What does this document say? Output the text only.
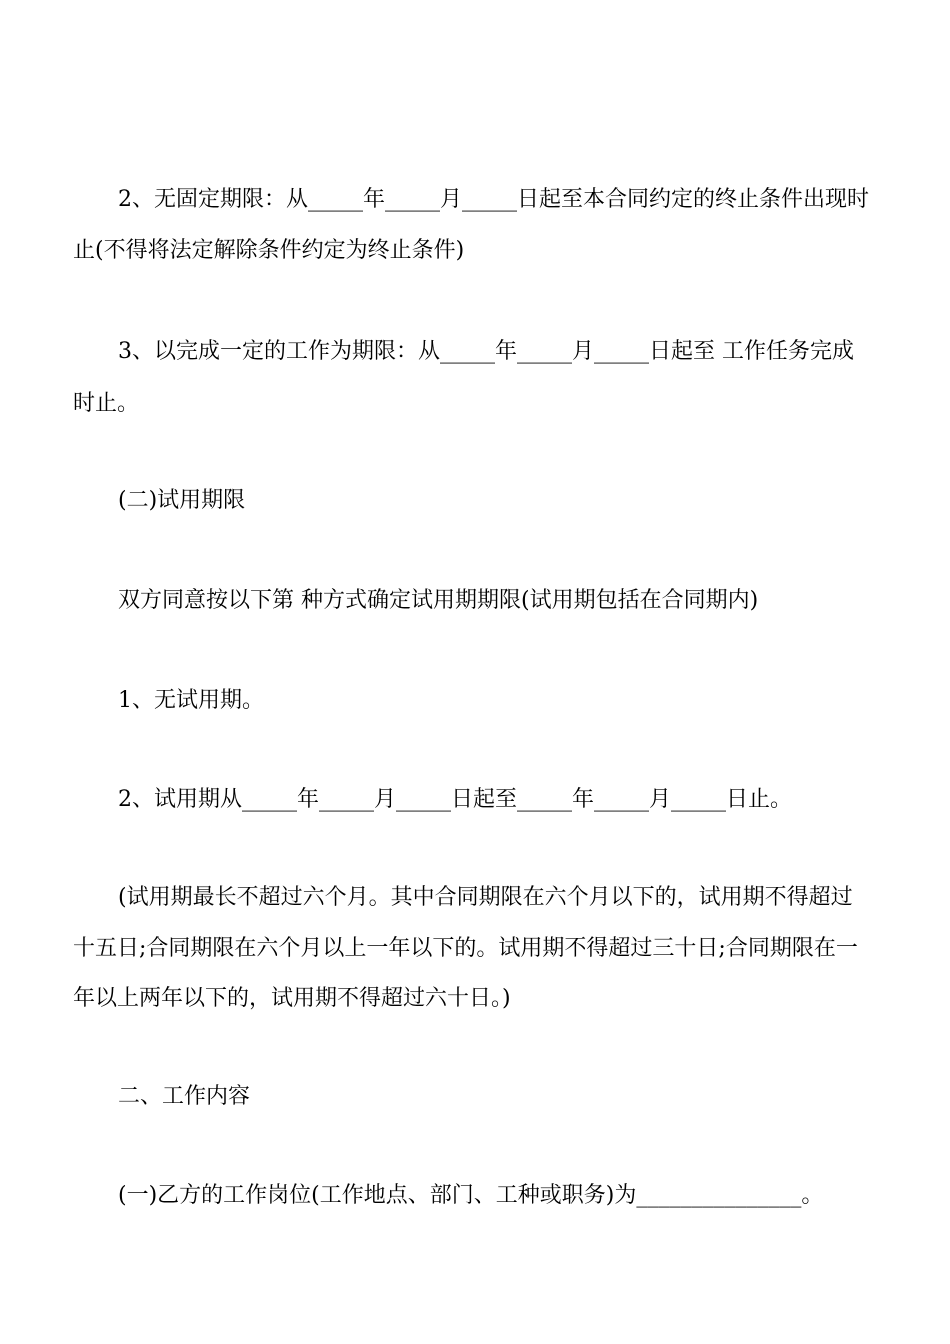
2、无固定期限：从_____年_____月_____日起至本合同约定的终止条件出现时

止(不得将法定解除条件约定为终止条件)

3、以完成一定的工作为期限：从_____年_____月_____日起至 工作任务完成

时止。

(二)试用期限

双方同意按以下第 种方式确定试用期期限(试用期包括在合同期内)

1、无试用期。

2、试用期从_____年_____月_____日起至_____年_____月_____日止。

(试用期最长不超过六个月。其中合同期限在六个月以下的，试用期不得超过

十五日;合同期限在六个月以上一年以下的。试用期不得超过三十日;合同期限在一

年以上两年以下的，试用期不得超过六十日。)

二、工作内容

(一)乙方的工作岗位(工作地点、部门、工种或职务)为_______________。
